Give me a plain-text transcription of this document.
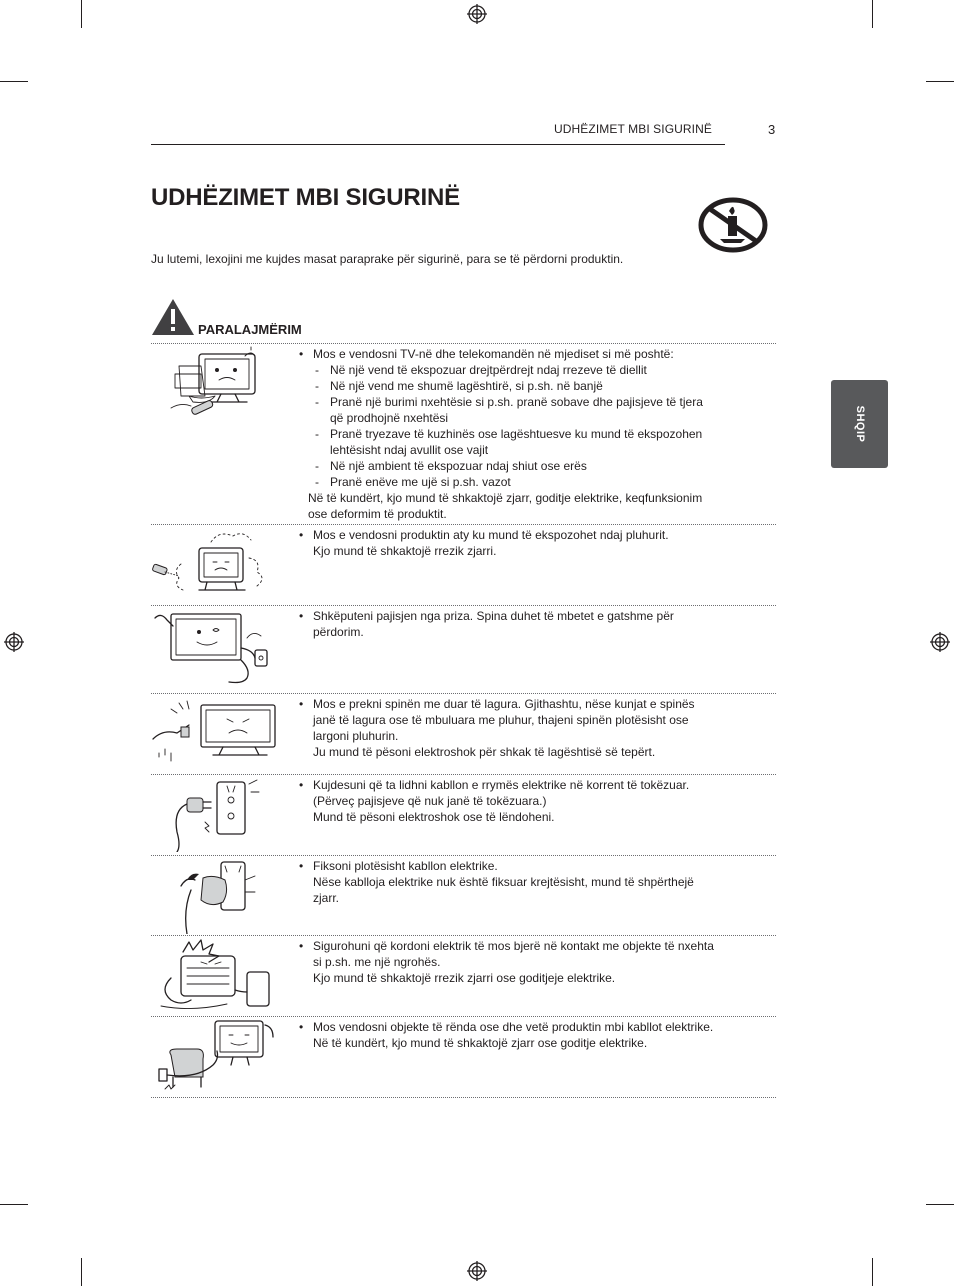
UDHËZIMET MBI SIGURINË	3
UDHËZIMET MBI SIGURINË
Ju lutemi, lexojini me kujdes masat paraprake për sigurinë, para se të përdorni produktin.
PARALAJMËRIM
SHQIP
• Mos e vendosni TV-në dhe telekomandën në mjediset si më poshtë:
- Në një vend të ekspozuar drejtpërdrejt ndaj rrezeve të diellit
- Në një vend me shumë lagështirë, si p.sh. në banjë
- Pranë një burimi nxehtësie si p.sh. pranë sobave dhe pajisjeve të tjera
që prodhojnë nxehtësi
- Pranë tryezave të kuzhinës ose lagështuesve ku mund të ekspozohen
lehtësisht ndaj avullit ose vajit
- Në një ambient të ekspozuar ndaj shiut ose erës
- Pranë enëve me ujë si p.sh. vazot
Në të kundërt, kjo mund të shkaktojë zjarr, goditje elektrike, keqfunksionim
ose deformim të produktit.
• Mos e vendosni produktin aty ku mund të ekspozohet ndaj pluhurit.
Kjo mund të shkaktojë rrezik zjarri.
• Shkëputeni pajisjen nga priza. Spina duhet të mbetet e gatshme për
përdorim.
• Mos e prekni spinën me duar të lagura. Gjithashtu, nëse kunjat e spinës
janë të lagura ose të mbuluara me pluhur, thajeni spinën plotësisht ose
largoni pluhurin.
Ju mund të pësoni elektroshok për shkak të lagështisë së tepërt.
• Kujdesuni që ta lidhni kabllon e rrymës elektrike në korrent të tokëzuar.
(Përveç pajisjeve që nuk janë të tokëzuara.)
Mund të pësoni elektroshok ose të lëndoheni.
• Fiksoni plotësisht kabllon elektrike.
Nëse kablloja elektrike nuk është fiksuar krejtësisht, mund të shpërthejë
zjarr.
• Sigurohuni që kordoni elektrik të mos bjerë në kontakt me objekte të nxehta
si p.sh. me një ngrohës.
Kjo mund të shkaktojë rrezik zjarri ose goditjeje elektrike.
• Mos vendosni objekte të rënda ose dhe vetë produktin mbi kabllot elektrike.
Në të kundërt, kjo mund të shkaktojë zjarr ose goditje elektrike.
